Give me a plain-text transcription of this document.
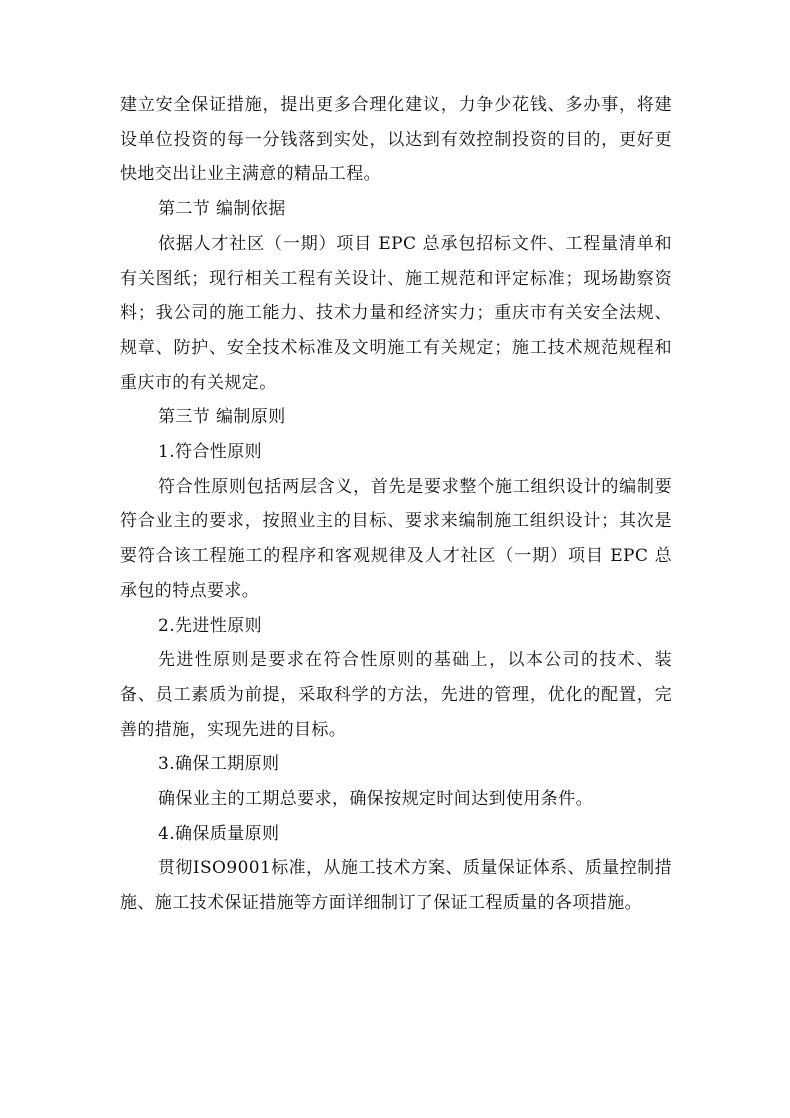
建立安全保证措施，提出更多合理化建议，力争少花钱、多办事，将建设单位投资的每一分钱落到实处，以达到有效控制投资的目的，更好更快地交出让业主满意的精品工程。

第二节 编制依据

依据人才社区（一期）项目 EPC 总承包招标文件、工程量清单和有关图纸；现行相关工程有关设计、施工规范和评定标准；现场勘察资料；我公司的施工能力、技术力量和经济实力；重庆市有关安全法规、规章、防护、安全技术标准及文明施工有关规定；施工技术规范规程和重庆市的有关规定。

第三节 编制原则

1.符合性原则

符合性原则包括两层含义，首先是要求整个施工组织设计的编制要符合业主的要求，按照业主的目标、要求来编制施工组织设计；其次是要符合该工程施工的程序和客观规律及人才社区（一期）项目 EPC 总承包的特点要求。

2.先进性原则

先进性原则是要求在符合性原则的基础上，以本公司的技术、装备、员工素质为前提，采取科学的方法，先进的管理，优化的配置，完善的措施，实现先进的目标。

3.确保工期原则

确保业主的工期总要求，确保按规定时间达到使用条件。

4.确保质量原则

贯彻ISO9001标准，从施工技术方案、质量保证体系、质量控制措施、施工技术保证措施等方面详细制订了保证工程质量的各项措施。
